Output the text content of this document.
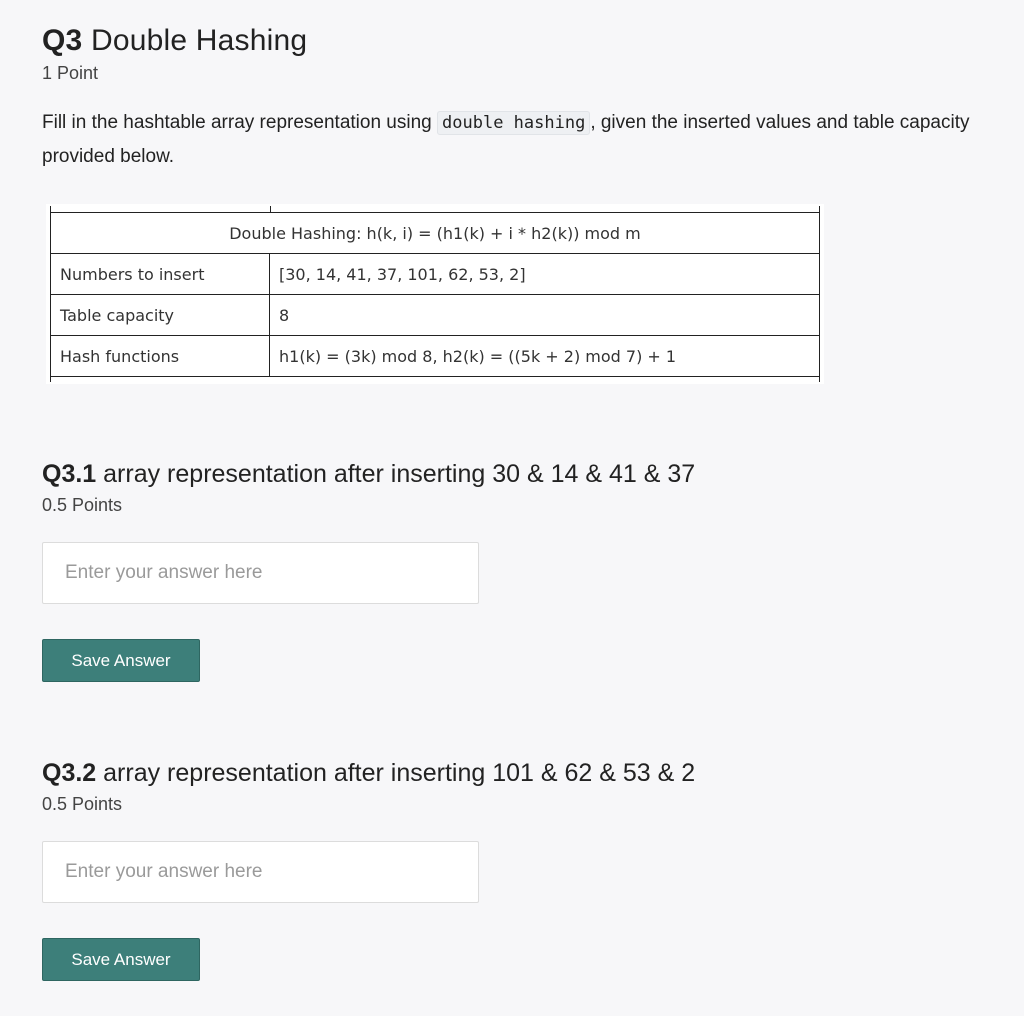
Q3 Double Hashing
1 Point
Fill in the hashtable array representation using double hashing , given the inserted values and table capacity provided below.
Double Hashing: h(k, i) = (h1(k) + i * h2(k)) mod m	
Numbers to insert	[30, 14, 41, 37, 101, 62, 53, 2]
Table capacity	8
Hash functions	h1(k) = (3k) mod 8, h2(k) = ((5k + 2) mod 7) + 1
Q3.1 array representation after inserting 30 & 14 & 41 & 37
0.5 Points
Enter your answer here
Save Answer
Q3.2 array representation after inserting 101 & 62 & 53 & 2
0.5 Points
Enter your answer here
Save Answer
